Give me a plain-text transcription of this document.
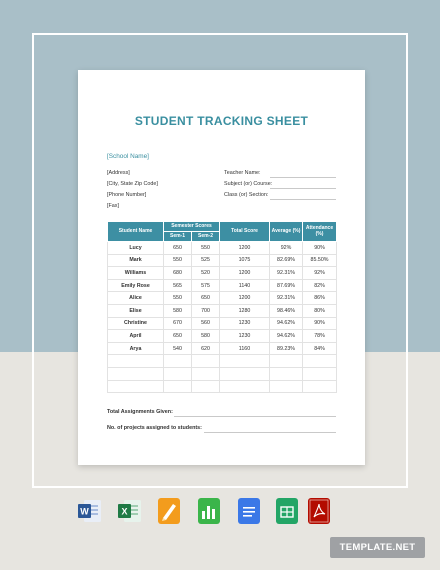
STUDENT TRACKING SHEET
[School Name]
[Address]
[City, State Zip Code]
[Phone Number]
[Fax]
Teacher Name:
Subject (or) Course:
Class (or) Section:
Student Name	Semester Scores		Total Score	Average (%)	Attendance (%)
	Sem-1	Sem-2			
Lucy	650	550	1200	92%	90%
Mark	550	525	1075	82.69%	85.50%
Williams	680	520	1200	92.31%	92%
Emily Rose	565	575	1140	87.69%	82%
Alice	550	650	1200	92.31%	86%
Elise	580	700	1280	98.46%	80%
Christine	670	560	1230	94.62%	90%
April	650	580	1230	94.62%	78%
Arya	540	620	1160	89.23%	84%

Total Assignments Given:
No. of projects assigned to students:
W	X
TEMPLATE.NET
